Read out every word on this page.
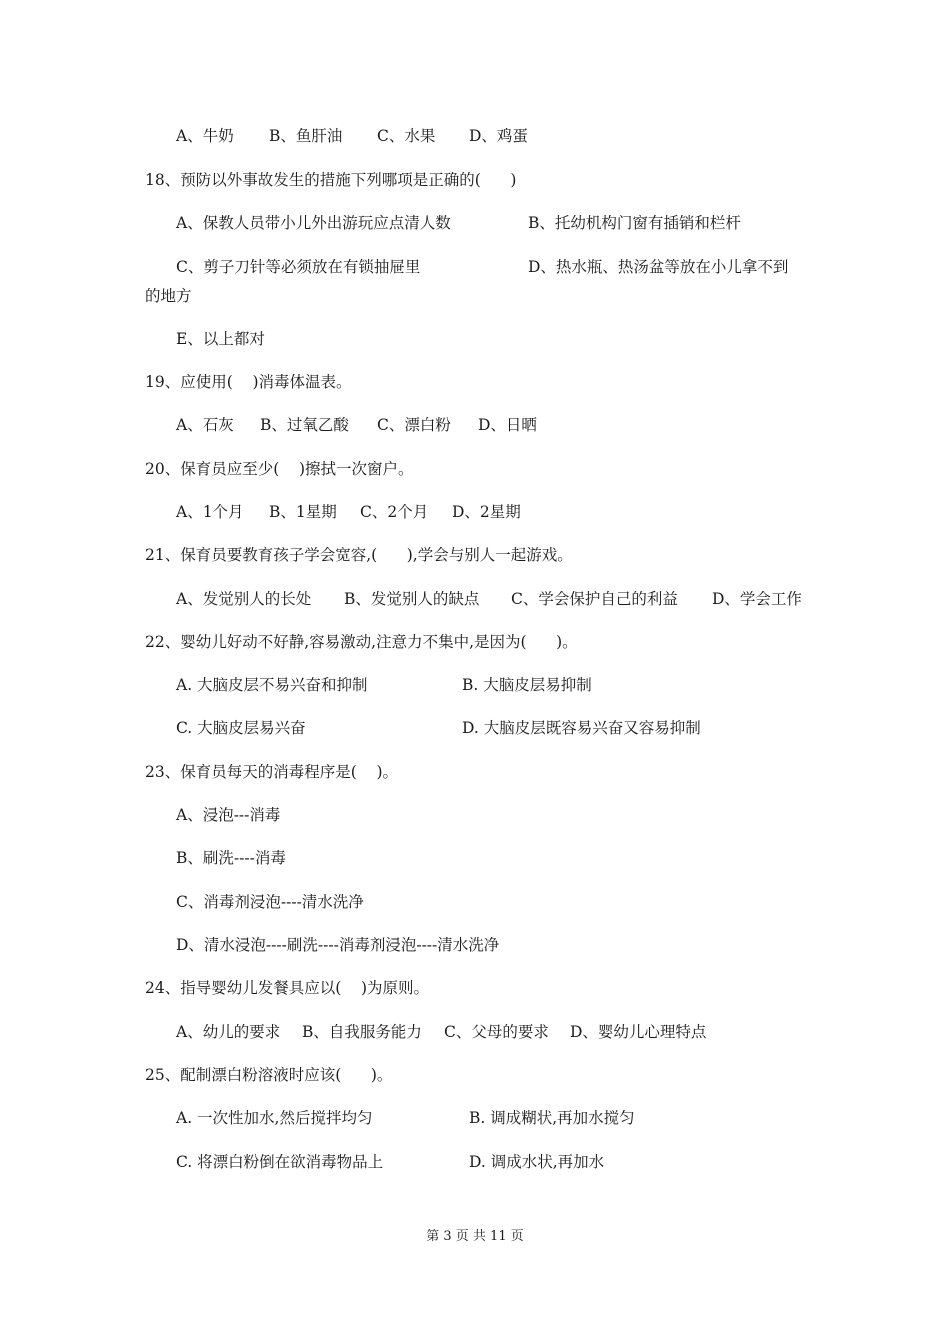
A、牛奶 B、鱼肝油 C、水果 D、鸡蛋
18、预防以外事故发生的措施下列哪项是正确的(      )
A、保教人员带小儿外出游玩应点清人数	B、托幼机构门窗有插销和栏杆
C、剪子刀针等必须放在有锁抽屉里	D、热水瓶、热汤盆等放在小儿拿不到
的地方
E、以上都对
19、应使用(    )消毒体温表。
A、石灰 B、过氧乙酸 C、漂白粉 D、日晒
20、保育员应至少(    )擦拭一次窗户。
A、1个月 B、1星期 C、2个月 D、2星期
21、保育员要教育孩子学会宽容,(      ),学会与别人一起游戏。
A、发觉别人的长处 B、发觉别人的缺点 C、学会保护自己的利益 D、学会工作
22、婴幼儿好动不好静,容易激动,注意力不集中,是因为(      )。
A. 大脑皮层不易兴奋和抑制	B. 大脑皮层易抑制
C. 大脑皮层易兴奋	D. 大脑皮层既容易兴奋又容易抑制
23、保育员每天的消毒程序是(    )。
A、浸泡---消毒
B、刷洗----消毒
C、消毒剂浸泡----清水洗净
D、清水浸泡----刷洗----消毒剂浸泡----清水洗净
24、指导婴幼儿发餐具应以(    )为原则。
A、幼儿的要求 B、自我服务能力 C、父母的要求 D、婴幼儿心理特点
25、配制漂白粉溶液时应该(      )。
A. 一次性加水,然后搅拌均匀	B. 调成糊状,再加水搅匀
C. 将漂白粉倒在欲消毒物品上	D. 调成水状,再加水
第 3 页 共 11 页
